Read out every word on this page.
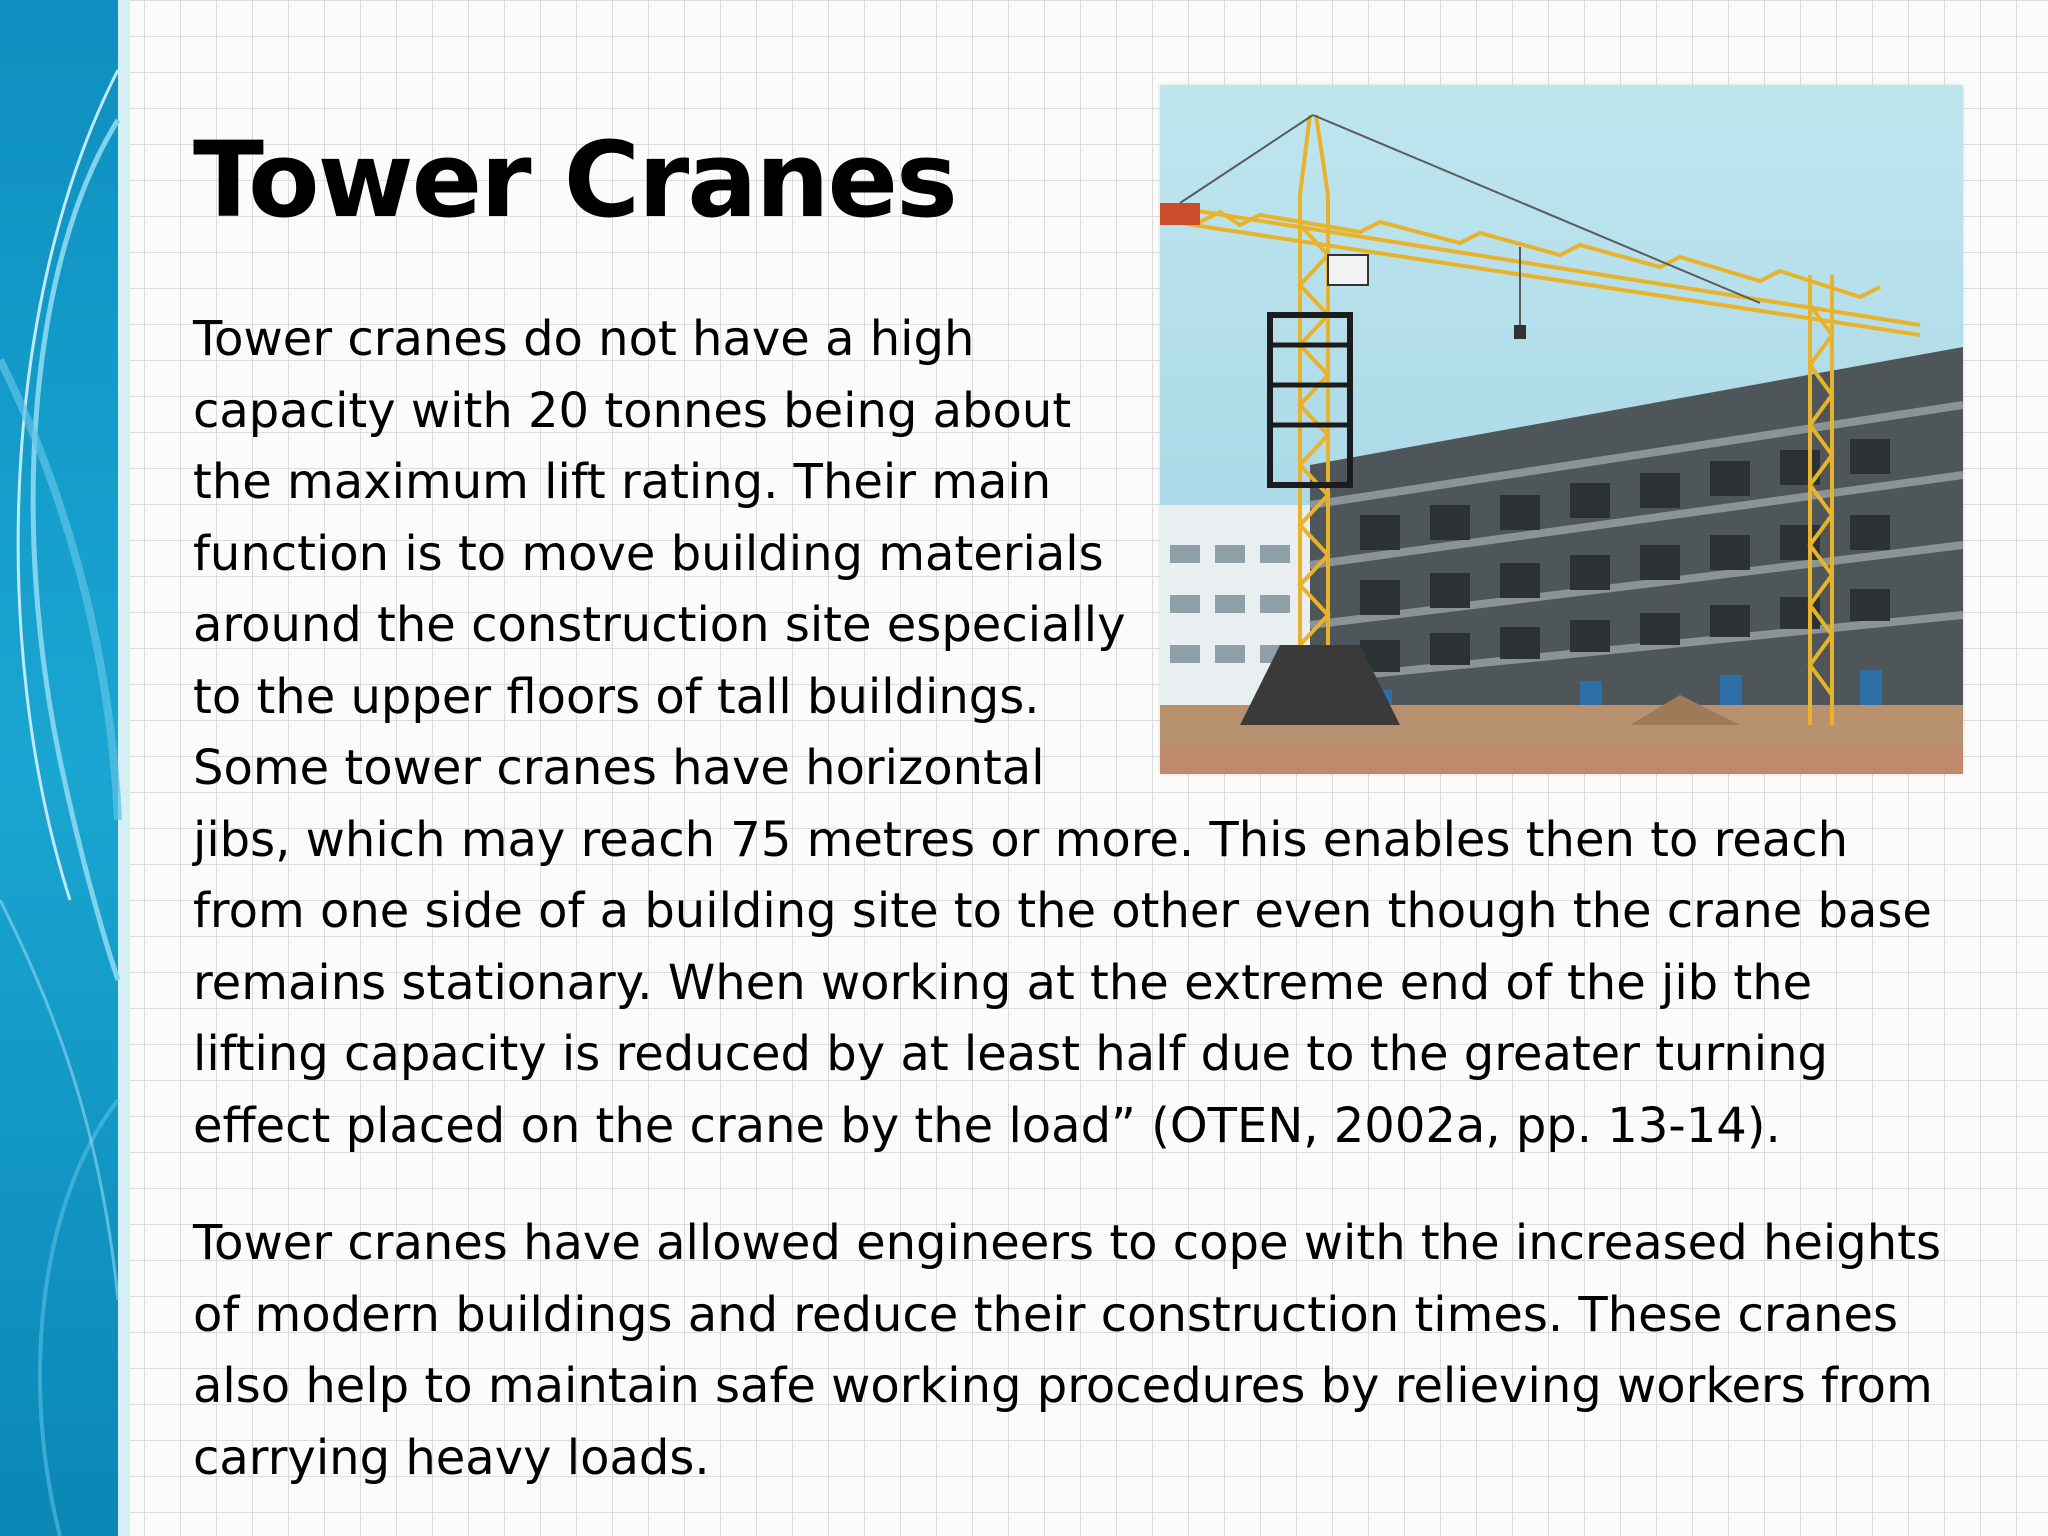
Tower Cranes
Tower cranes do not have a high
capacity with 20 tonnes being about
the maximum lift rating. Their main
function is to move building materials
around the construction site especially
to the upper floors of tall buildings.
Some tower cranes have horizontal
jibs, which may reach 75 metres or more. This enables then to reach
from one side of a building site to the other even though the crane base
remains stationary. When working at the extreme end of the jib the
lifting capacity is reduced by at least half due to the greater turning
effect placed on the crane by the load” (OTEN, 2002a, pp. 13-14).
Tower cranes have allowed engineers to cope with the increased heights
of modern buildings and reduce their construction times. These cranes
also help to maintain safe working procedures by relieving workers from
carrying heavy loads.
